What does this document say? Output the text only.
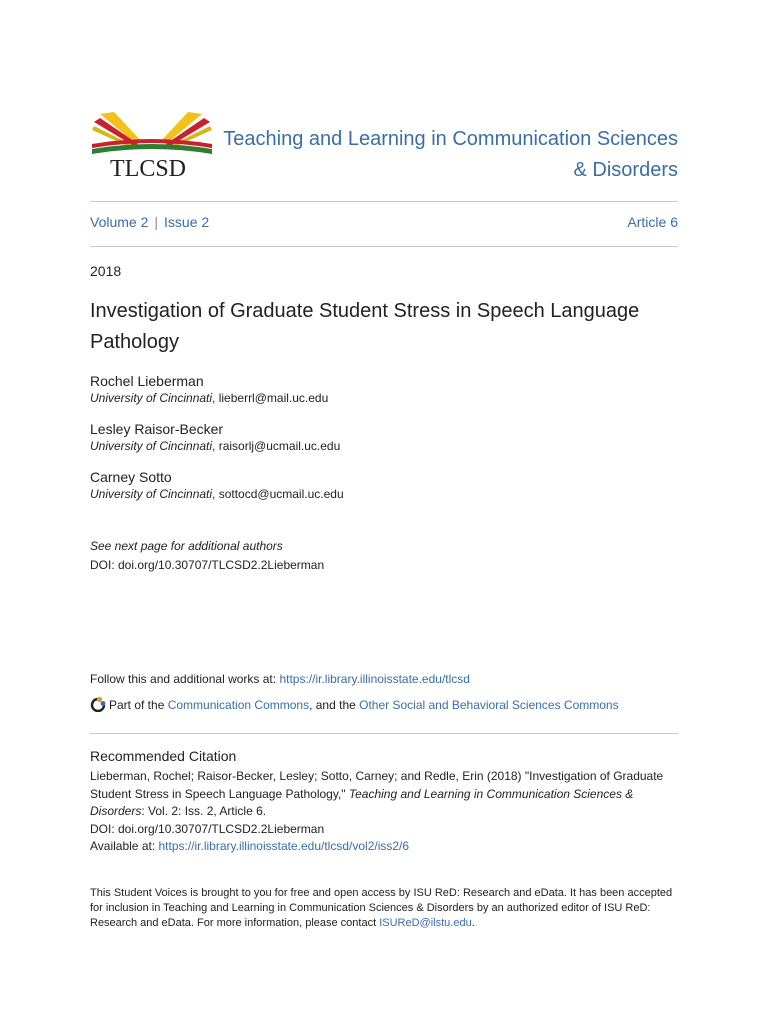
TLCSD
Teaching and Learning in Communication Sciences
& Disorders
Volume 2 | Issue 2	Article 6
2018
Investigation of Graduate Student Stress in Speech Language Pathology
Rochel Lieberman
University of Cincinnati, lieberrl@mail.uc.edu
Lesley Raisor-Becker
University of Cincinnati, raisorlj@ucmail.uc.edu
Carney Sotto
University of Cincinnati, sottocd@ucmail.uc.edu
See next page for additional authors
DOI: doi.org/10.30707/TLCSD2.2Lieberman
Follow this and additional works at: https://ir.library.illinoisstate.edu/tlcsd
Part of the Communication Commons, and the Other Social and Behavioral Sciences Commons
Recommended Citation
Lieberman, Rochel; Raisor-Becker, Lesley; Sotto, Carney; and Redle, Erin (2018) "Investigation of Graduate
Student Stress in Speech Language Pathology," Teaching and Learning in Communication Sciences & Disorders: Vol. 2: Iss. 2, Article 6.
DOI: doi.org/10.30707/TLCSD2.2Lieberman
Available at: https://ir.library.illinoisstate.edu/tlcsd/vol2/iss2/6
This Student Voices is brought to you for free and open access by ISU ReD: Research and eData. It has been accepted for inclusion in Teaching and Learning in Communication Sciences & Disorders by an authorized editor of ISU ReD: Research and eData. For more information, please contact ISUReD@ilstu.edu.
